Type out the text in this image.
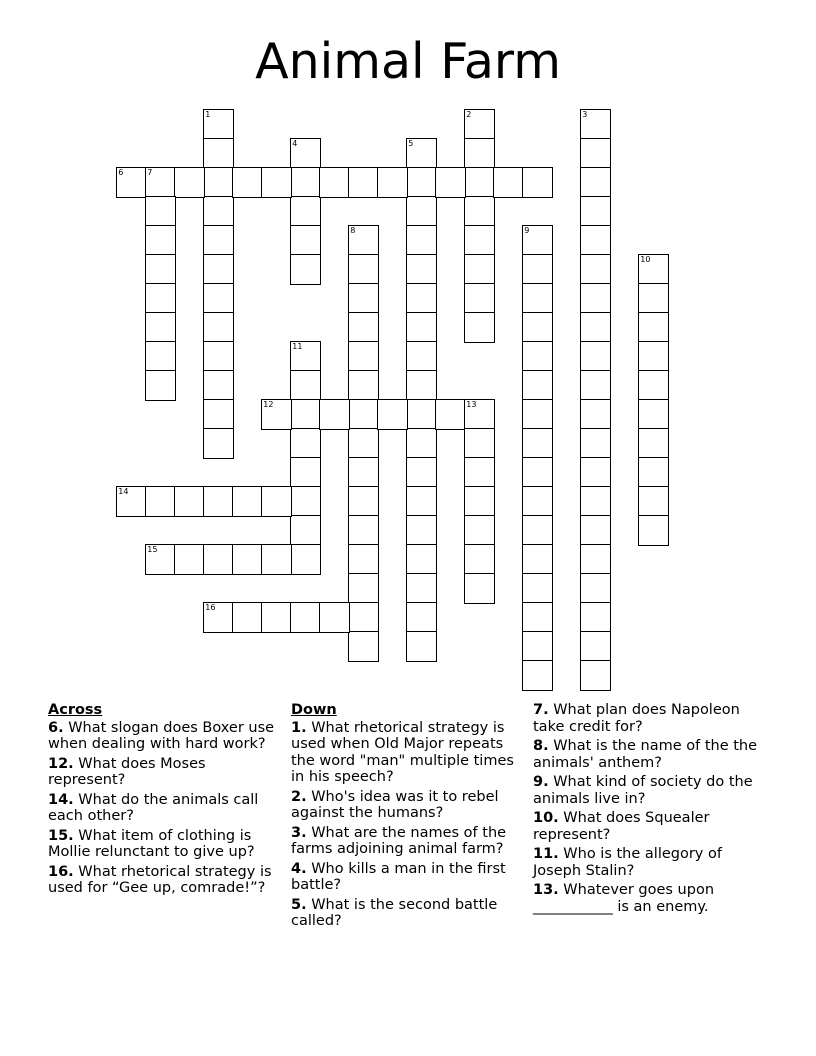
Animal Farm
1	2	3
4	5
6	7
8	9
10
11
12	13
14
15
16
Across
6. What slogan does Boxer use when dealing with hard work?
12. What does Moses represent?
14. What do the animals call each other?
15. What item of clothing is Mollie relunctant to give up?
16. What rhetorical strategy is used for “Gee up, comrade!”?
Down
1. What rhetorical strategy is used when Old Major repeats the word "man" multiple times in his speech?
2. Who's idea was it to rebel against the humans?
3. What are the names of the farms adjoining animal farm?
4. Who kills a man in the first battle?
5. What is the second battle called?
7. What plan does Napoleon take credit for?
8. What is the name of the the animals' anthem?
9. What kind of society do the animals live in?
10. What does Squealer represent?
11. Who is the allegory of Joseph Stalin?
13. Whatever goes upon ___________ is an enemy.
